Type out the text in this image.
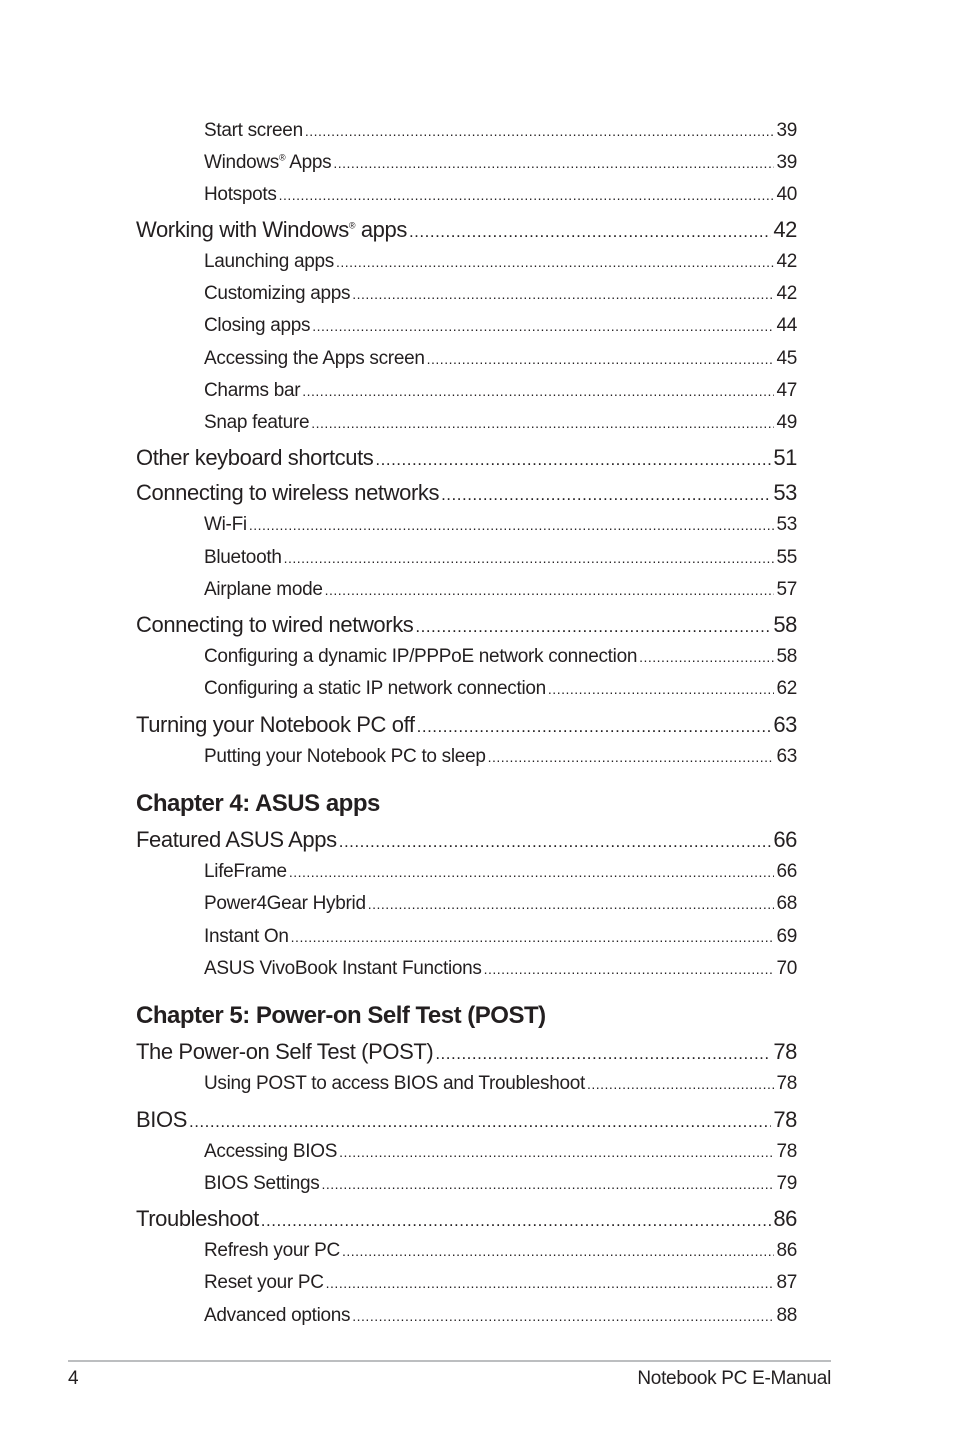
Start screen .....	39
Windows® Apps .....	39
Hotspots .....	40
Working with Windows® apps .....	42
Launching apps .....	42
Customizing apps .....	42
Closing apps .....	44
Accessing the Apps screen .....	45
Charms bar .....	47
Snap feature .....	49
Other keyboard shortcuts .....	51
Connecting to wireless networks .....	53
Wi-Fi .....	53
Bluetooth .....	55
Airplane mode .....	57
Connecting to wired networks .....	58
Configuring a dynamic IP/PPPoE network connection .....	58
Configuring a static IP network connection .....	62
Turning your Notebook PC off .....	63
Putting your Notebook PC to sleep .....	63
Chapter 4: ASUS apps
Featured ASUS Apps .....	66
LifeFrame .....	66
Power4Gear Hybrid .....	68
Instant On .....	69
ASUS VivoBook Instant Functions .....	70
Chapter 5: Power-on Self Test (POST)
The Power-on Self Test (POST) .....	78
Using POST to access BIOS and Troubleshoot .....	78
BIOS .....	78
Accessing BIOS .....	78
BIOS Settings .....	79
Troubleshoot .....	86
Refresh your PC .....	86
Reset your PC .....	87
Advanced options .....	88
4	Notebook PC E-Manual
